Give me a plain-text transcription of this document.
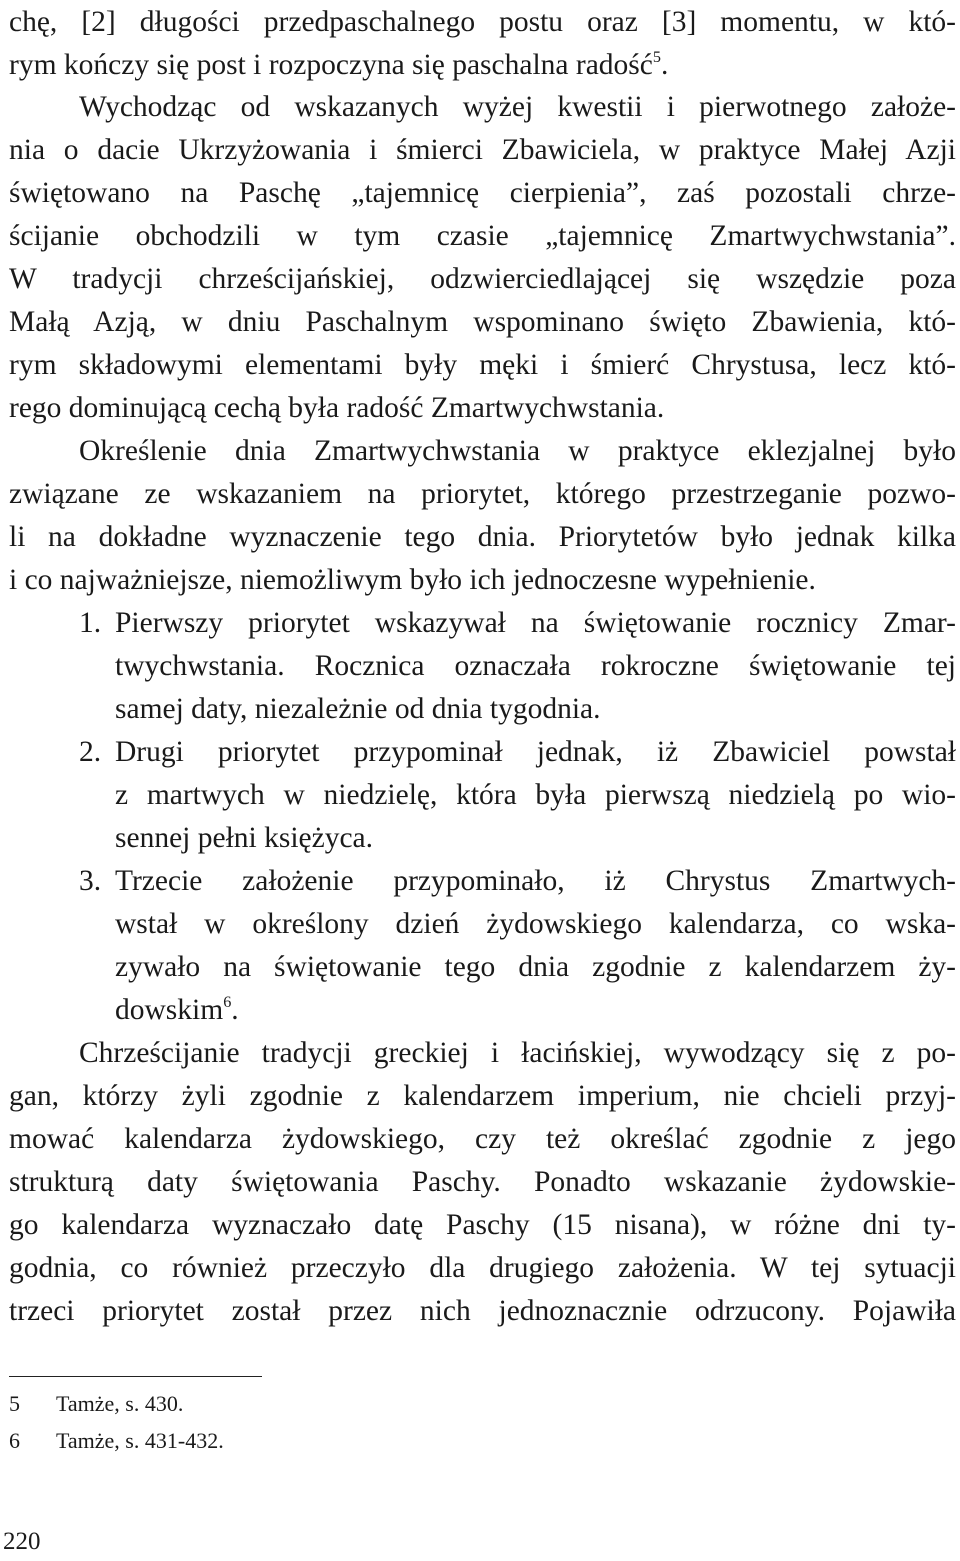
chę, [2] długości przedpaschalnego postu oraz [3] momentu, w któ-
rym kończy się post i rozpoczyna się paschalna radość$^5$.
Wychodząc od wskazanych wyżej kwestii i pierwotnego założe-
nia o dacie Ukrzyżowania i śmierci Zbawiciela, w praktyce Małej Azji
świętowano na Paschę „tajemnicę cierpienia”, zaś pozostali chrze-
ścijanie obchodzili w tym czasie „tajemnicę Zmartwychwstania”.
W tradycji chrześcijańskiej, odzwierciedlającej się wszędzie poza
Małą Azją, w dniu Paschalnym wspominano święto Zbawienia, któ-
rym składowymi elementami były męki i śmierć Chrystusa, lecz któ-
rego dominującą cechą była radość Zmartwychwstania.
Określenie dnia Zmartwychwstania w praktyce eklezjalnej było
związane ze wskazaniem na priorytet, którego przestrzeganie pozwo-
li na dokładne wyznaczenie tego dnia. Priorytetów było jednak kilka
i co najważniejsze, niemożliwym było ich jednoczesne wypełnienie.
1. Pierwszy priorytet wskazywał na świętowanie rocznicy Zmar-
twychwstania. Rocznica oznaczała rokroczne świętowanie tej
samej daty, niezależnie od dnia tygodnia.
2. Drugi priorytet przypominał jednak, iż Zbawiciel powstał
z martwych w niedzielę, która była pierwszą niedzielą po wio-
sennej pełni księżyca.
3. Trzecie założenie przypominało, iż Chrystus Zmartwych-
wstał w określony dzień żydowskiego kalendarza, co wska-
zywało na świętowanie tego dnia zgodnie z kalendarzem ży-
dowskim$^6$.
Chrześcijanie tradycji greckiej i łacińskiej, wywodzący się z po-
gan, którzy żyli zgodnie z kalendarzem imperium, nie chcieli przyj-
mować kalendarza żydowskiego, czy też określać zgodnie z jego
strukturą daty świętowania Paschy. Ponadto wskazanie żydowskie-
go kalendarza wyznaczało datę Paschy (15 nisana), w różne dni ty-
godnia, co również przeczyło dla drugiego założenia. W tej sytuacji
trzeci priorytet został przez nich jednoznacznie odrzucony. Pojawiła
5 Tamże, s. 430.
6 Tamże, s. 431-432.
220
